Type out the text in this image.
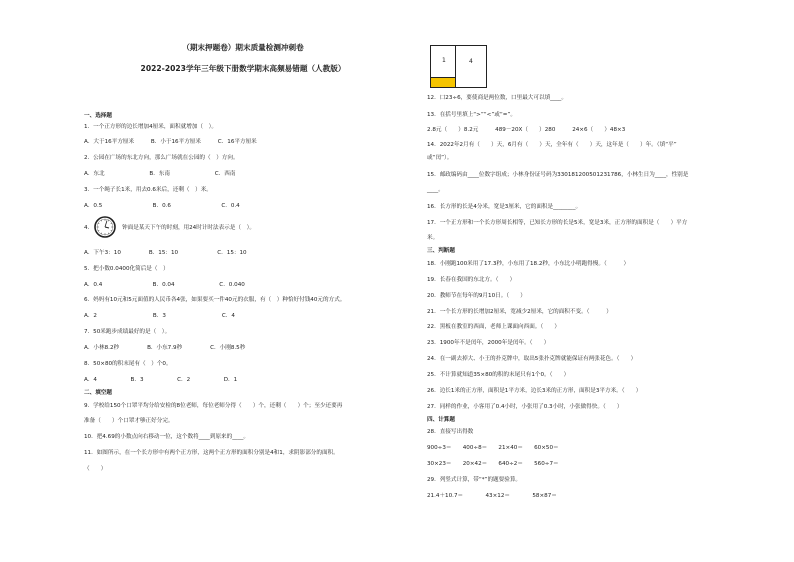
（期末押题卷）期末质量检测冲刺卷
2022-2023学年三年级下册数学期末高频易错题（人教版）
一、选择题
1．一个正方形的边长增加4厘米，面积就增加（　）。
A．大于16平方厘米　　　B．小于16平方厘米　　　C．16平方厘米
2．公园在广场的东北方向，那么广场就在公园的（　）方向。
A．东北　　　　　　　　B．东南　　　　　　　　C．西南
3．一个绳子长1米，用去0.6米后，还剩（　）米。
A．0.5　　　　　　　　　B．0.6　　　　　　　　　C．0.4
4．	钟面是某天下午的时刻，用24时计时法表示是（　）。
A．下午3：10　　　　　B．15：10　　　　　　　C．15：10
5．把小数0.0400化简后是（　）
A．0.4　　　　　　　　　B．0.04　　　　　　　　C．0.040
6．妈妈有10元和5元面值的人民币各4张，如果要买一件40元的衣服，有（　）种恰好付钱40元的方式。
A．2　　　　　　　　　　B．3　　　　　　　　　　C．4
7．50米跑步成绩最好的是（　）。
A．小林8.2秒　　　　　B．小东7.9秒　　　　　C．小刚8.5秒
8．50×80的积末尾有（　）个0。
A．4　　　　　　B．3　　　　　　C．2　　　　　　D．1
二、填空题
9．学校给150个口罩平均分给安检的8位老师，每位老师分得（　　）个，还剩（　　）个；至少还要再
准备（　　）个口罩才够正好分完。
10．把4.69的小数点向右移动一位，这个数将____到原来的____。
11．如图所示，在一个长方形中有两个正方形，这两个正方形的面积分别是4和1，求阴影部分的面积。
（　　）
1	4
12．口23÷6，要使商是两位数，口里最大可以填____。
13．在括号里填上“>”“<”或“=”。
2.8元（　　）8.2元　　　489－20X（　　）280　　　24×6（　　）48×3
14．2022年2月有（　　）天，6月有（　　）天，全年有（　　）天，这年是（　　）年。（填“平”
或“闰”）。
15．邮政编码由____位数字组成；小林身份证号码为330181200501231786，小林生日为____，性别是
____。
16．长方形的长是4分米，宽是3厘米，它的面积是________。
17．一个正方形和一个长方形周长相等，已知长方形的长是5米，宽是3米，正方形的面积是（　　）平方
米。
三、判断题
18．小刚跑100米用了17.3秒，小东用了18.2秒，小东比小明跑得慢。（　　　）
19．长春在我国的东北方。（　　）
20．教师节在每年的9月10日。（　　）
21．一个长方形的长增加2厘米，宽减少2厘米，它的面积不变。（　　　）
22．黑板在教室的西面，老师上课面向西面。（　　）
23．1900年不是闰年，2000年是闰年。（　　）
24．在一副去掉大、小王的扑克牌中，取出5张扑克牌就能保证有两张花色。（　　）
25．不计算就知道35×80的积的末尾只有1个0。（　　）
26．边长1米的正方形，面积是1平方米，边长3米的正方形，面积是3平方米。（　　）
27．同样的作业，小客用了0.4小时，小张用了0.3小时，小张做得快。（　　）
四、计算题
28．直接写出得数
900÷3＝　　400÷8＝　　21×40＝　　60×50＝
30×23＝　　20×42＝　　640÷2＝　　560÷7＝
29．列竖式计算，带“*”的题要验算。
21.4＋10.7＝　　　　43×12＝　　　　58×87＝
